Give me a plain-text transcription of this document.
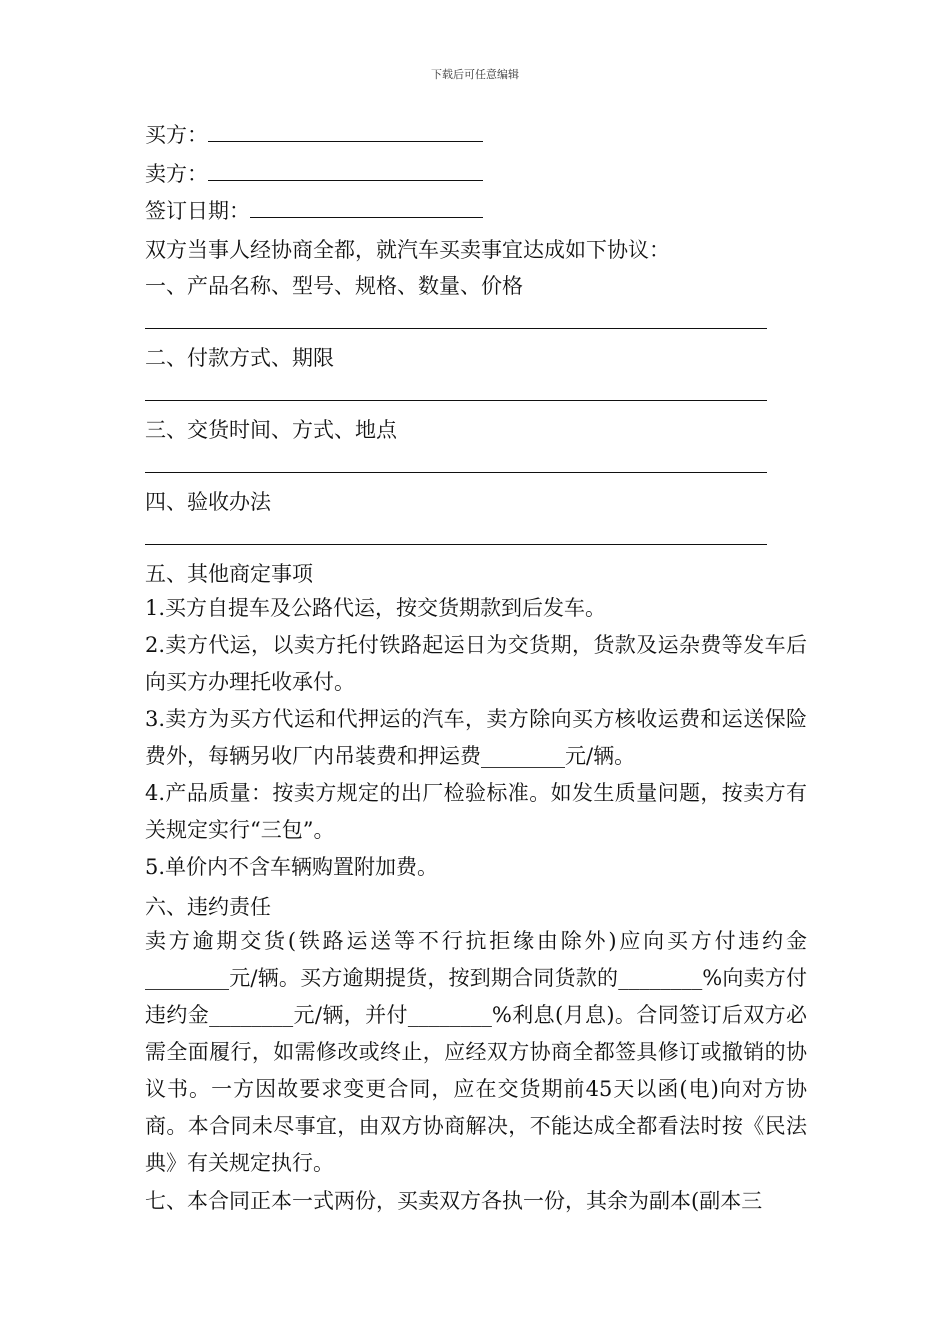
下载后可任意编辑
买方：
卖方：
签订日期：
双方当事人经协商全都，就汽车买卖事宜达成如下协议：
一、产品名称、型号、规格、数量、价格
二、付款方式、期限
三、交货时间、方式、地点
四、验收办法
五、其他商定事项
1.买方自提车及公路代运，按交货期款到后发车。
2.卖方代运，以卖方托付铁路起运日为交货期，货款及运杂费等发车后向买方办理托收承付。
3.卖方为买方代运和代押运的汽车，卖方除向买方核收运费和运送保险费外，每辆另收厂内吊装费和押运费________元/辆。
4.产品质量：按卖方规定的出厂检验标准。如发生质量问题，按卖方有关规定实行“三包”。
5.单价内不含车辆购置附加费。
六、违约责任
卖方逾期交货(铁路运送等不行抗拒缘由除外)应向买方付违约金________元/辆。买方逾期提货，按到期合同货款的________%向卖方付违约金________元/辆，并付________%利息(月息)。合同签订后双方必需全面履行，如需修改或终止，应经双方协商全都签具修订或撤销的协议书。一方因故要求变更合同，应在交货期前45天以函(电)向对方协商。本合同未尽事宜，由双方协商解决，不能达成全都看法时按《民法典》有关规定执行。
七、本合同正本一式两份，买卖双方各执一份，其余为副本(副本三
